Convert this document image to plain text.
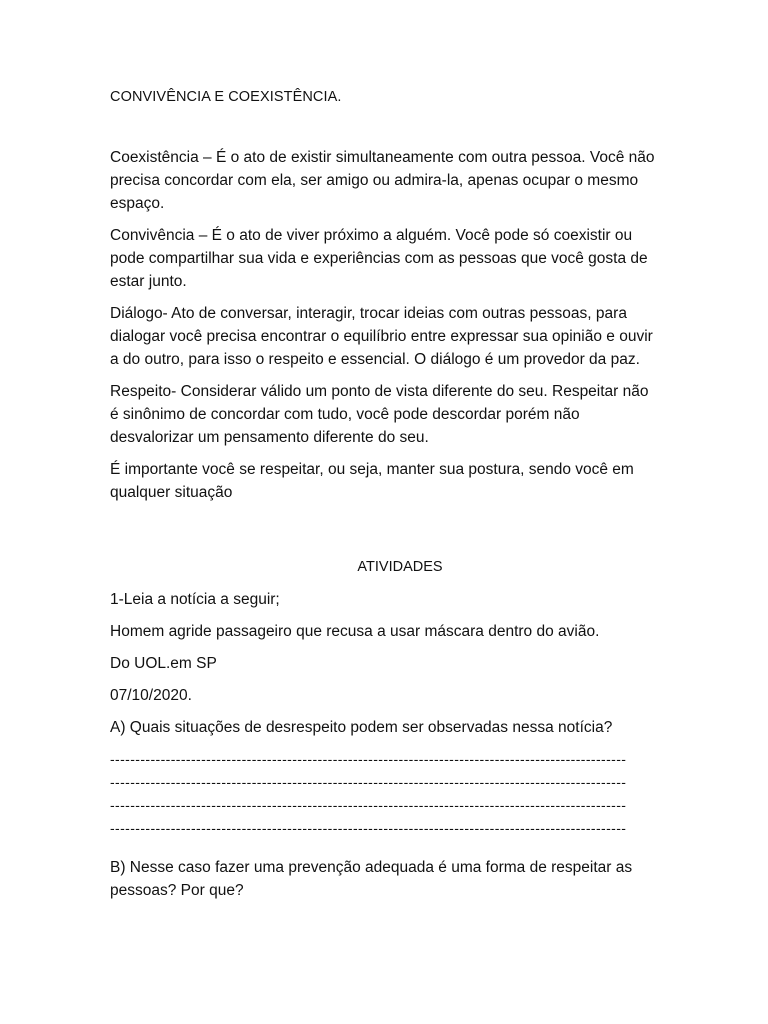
CONVIVÊNCIA E COEXISTÊNCIA.

Coexistência – É o ato de existir simultaneamente com outra pessoa. Você não precisa concordar com ela, ser amigo ou admira-la, apenas ocupar o mesmo espaço.

Convivência – É o ato de viver próximo a alguém. Você pode só coexistir ou pode compartilhar sua vida e experiências com as pessoas que você gosta de estar junto.

Diálogo- Ato de conversar, interagir, trocar ideias com outras pessoas, para dialogar você precisa encontrar o equilíbrio entre expressar sua opinião e ouvir a do outro, para isso o respeito e essencial. O diálogo é um provedor da paz.

Respeito- Considerar válido um ponto de vista diferente do seu. Respeitar não é sinônimo de concordar com tudo, você pode descordar porém não desvalorizar um pensamento diferente do seu.

É importante você se respeitar, ou seja, manter sua postura, sendo você em qualquer situação

ATIVIDADES

1-Leia a notícia a seguir;

Homem agride passageiro que recusa a usar máscara dentro do avião.

Do UOL.em SP

07/10/2020.

A) Quais situações de desrespeito podem ser observadas nessa notícia?

------------------------------------------------------------------------------------------------------
------------------------------------------------------------------------------------------------------
------------------------------------------------------------------------------------------------------
------------------------------------------------------------------------------------------------------

B) Nesse caso fazer uma prevenção adequada é uma forma de respeitar as pessoas? Por que?
